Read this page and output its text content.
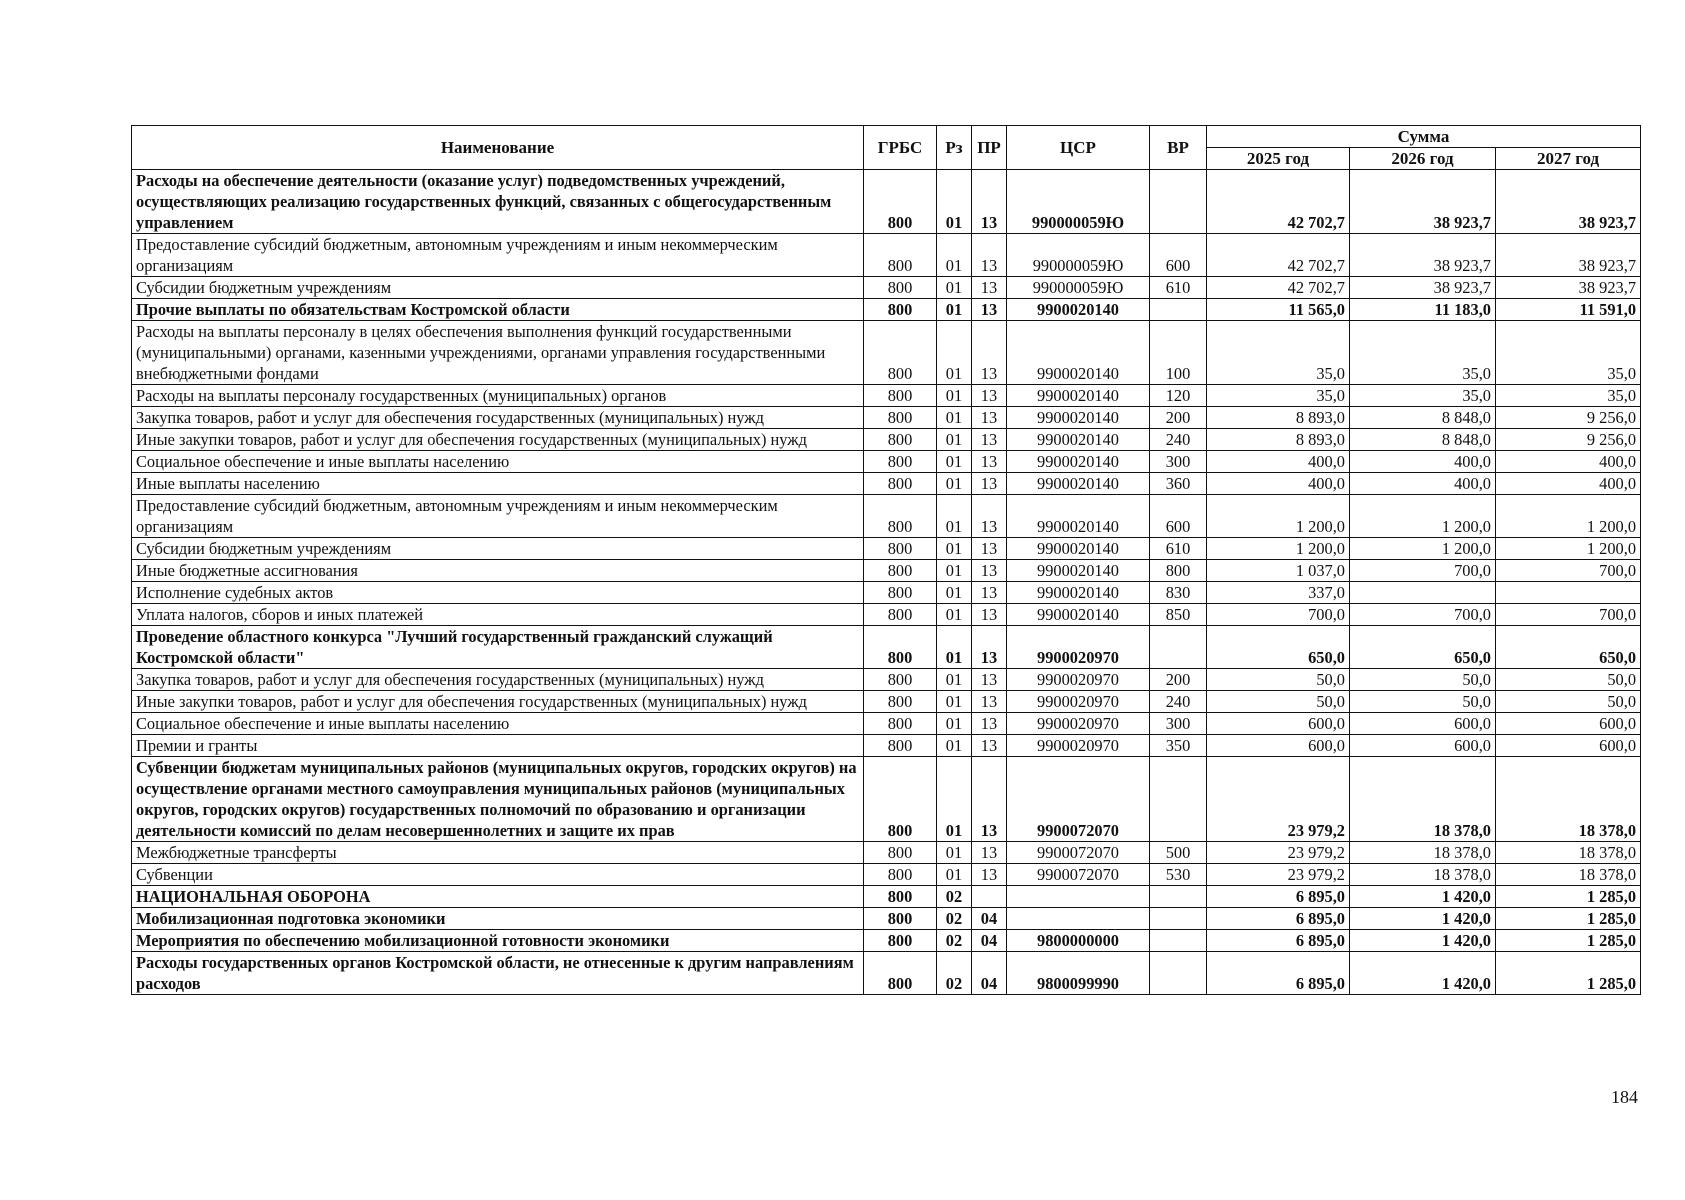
Наименование	ГРБС	Рз	ПР	ЦСР	ВР	Сумма		
						2025 год	2026 год	2027 год
Расходы на обеспечение деятельности (оказание услуг) подведомственных учреждений, осуществляющих реализацию государственных функций, связанных с общегосударственным управлением	800	01	13	990000059Ю		42 702,7	38 923,7	38 923,7
Предоставление субсидий бюджетным, автономным учреждениям и иным некоммерческим организациям	800	01	13	990000059Ю	600	42 702,7	38 923,7	38 923,7
Субсидии бюджетным учреждениям	800	01	13	990000059Ю	610	42 702,7	38 923,7	38 923,7
Прочие выплаты по обязательствам Костромской области	800	01	13	9900020140		11 565,0	11 183,0	11 591,0
Расходы на выплаты персоналу в целях обеспечения выполнения функций государственными (муниципальными) органами, казенными учреждениями, органами управления государственными внебюджетными фондами	800	01	13	9900020140	100	35,0	35,0	35,0
Расходы на выплаты персоналу государственных (муниципальных) органов	800	01	13	9900020140	120	35,0	35,0	35,0
Закупка товаров, работ и услуг для обеспечения государственных (муниципальных) нужд	800	01	13	9900020140	200	8 893,0	8 848,0	9 256,0
Иные закупки товаров, работ и услуг для обеспечения государственных (муниципальных) нужд	800	01	13	9900020140	240	8 893,0	8 848,0	9 256,0
Социальное обеспечение и иные выплаты населению	800	01	13	9900020140	300	400,0	400,0	400,0
Иные выплаты населению	800	01	13	9900020140	360	400,0	400,0	400,0
Предоставление субсидий бюджетным, автономным учреждениям и иным некоммерческим организациям	800	01	13	9900020140	600	1 200,0	1 200,0	1 200,0
Субсидии бюджетным учреждениям	800	01	13	9900020140	610	1 200,0	1 200,0	1 200,0
Иные бюджетные ассигнования	800	01	13	9900020140	800	1 037,0	700,0	700,0
Исполнение судебных актов	800	01	13	9900020140	830	337,0		
Уплата налогов, сборов и иных платежей	800	01	13	9900020140	850	700,0	700,0	700,0
Проведение областного конкурса "Лучший государственный гражданский служащий Костромской области"	800	01	13	9900020970		650,0	650,0	650,0
Закупка товаров, работ и услуг для обеспечения государственных (муниципальных) нужд	800	01	13	9900020970	200	50,0	50,0	50,0
Иные закупки товаров, работ и услуг для обеспечения государственных (муниципальных) нужд	800	01	13	9900020970	240	50,0	50,0	50,0
Социальное обеспечение и иные выплаты населению	800	01	13	9900020970	300	600,0	600,0	600,0
Премии и гранты	800	01	13	9900020970	350	600,0	600,0	600,0
Субвенции бюджетам муниципальных районов (муниципальных округов, городских округов) на осуществление органами местного самоуправления муниципальных районов (муниципальных округов, городских округов) государственных полномочий по образованию и организации деятельности комиссий по делам несовершеннолетних и защите их прав	800	01	13	9900072070		23 979,2	18 378,0	18 378,0
Межбюджетные трансферты	800	01	13	9900072070	500	23 979,2	18 378,0	18 378,0
Субвенции	800	01	13	9900072070	530	23 979,2	18 378,0	18 378,0
НАЦИОНАЛЬНАЯ ОБОРОНА	800	02				6 895,0	1 420,0	1 285,0
Мобилизационная подготовка экономики	800	02	04			6 895,0	1 420,0	1 285,0
Мероприятия по обеспечению мобилизационной готовности экономики	800	02	04	9800000000		6 895,0	1 420,0	1 285,0
Расходы государственных органов Костромской области, не отнесенные к другим направлениям расходов	800	02	04	9800099990		6 895,0	1 420,0	1 285,0
184
